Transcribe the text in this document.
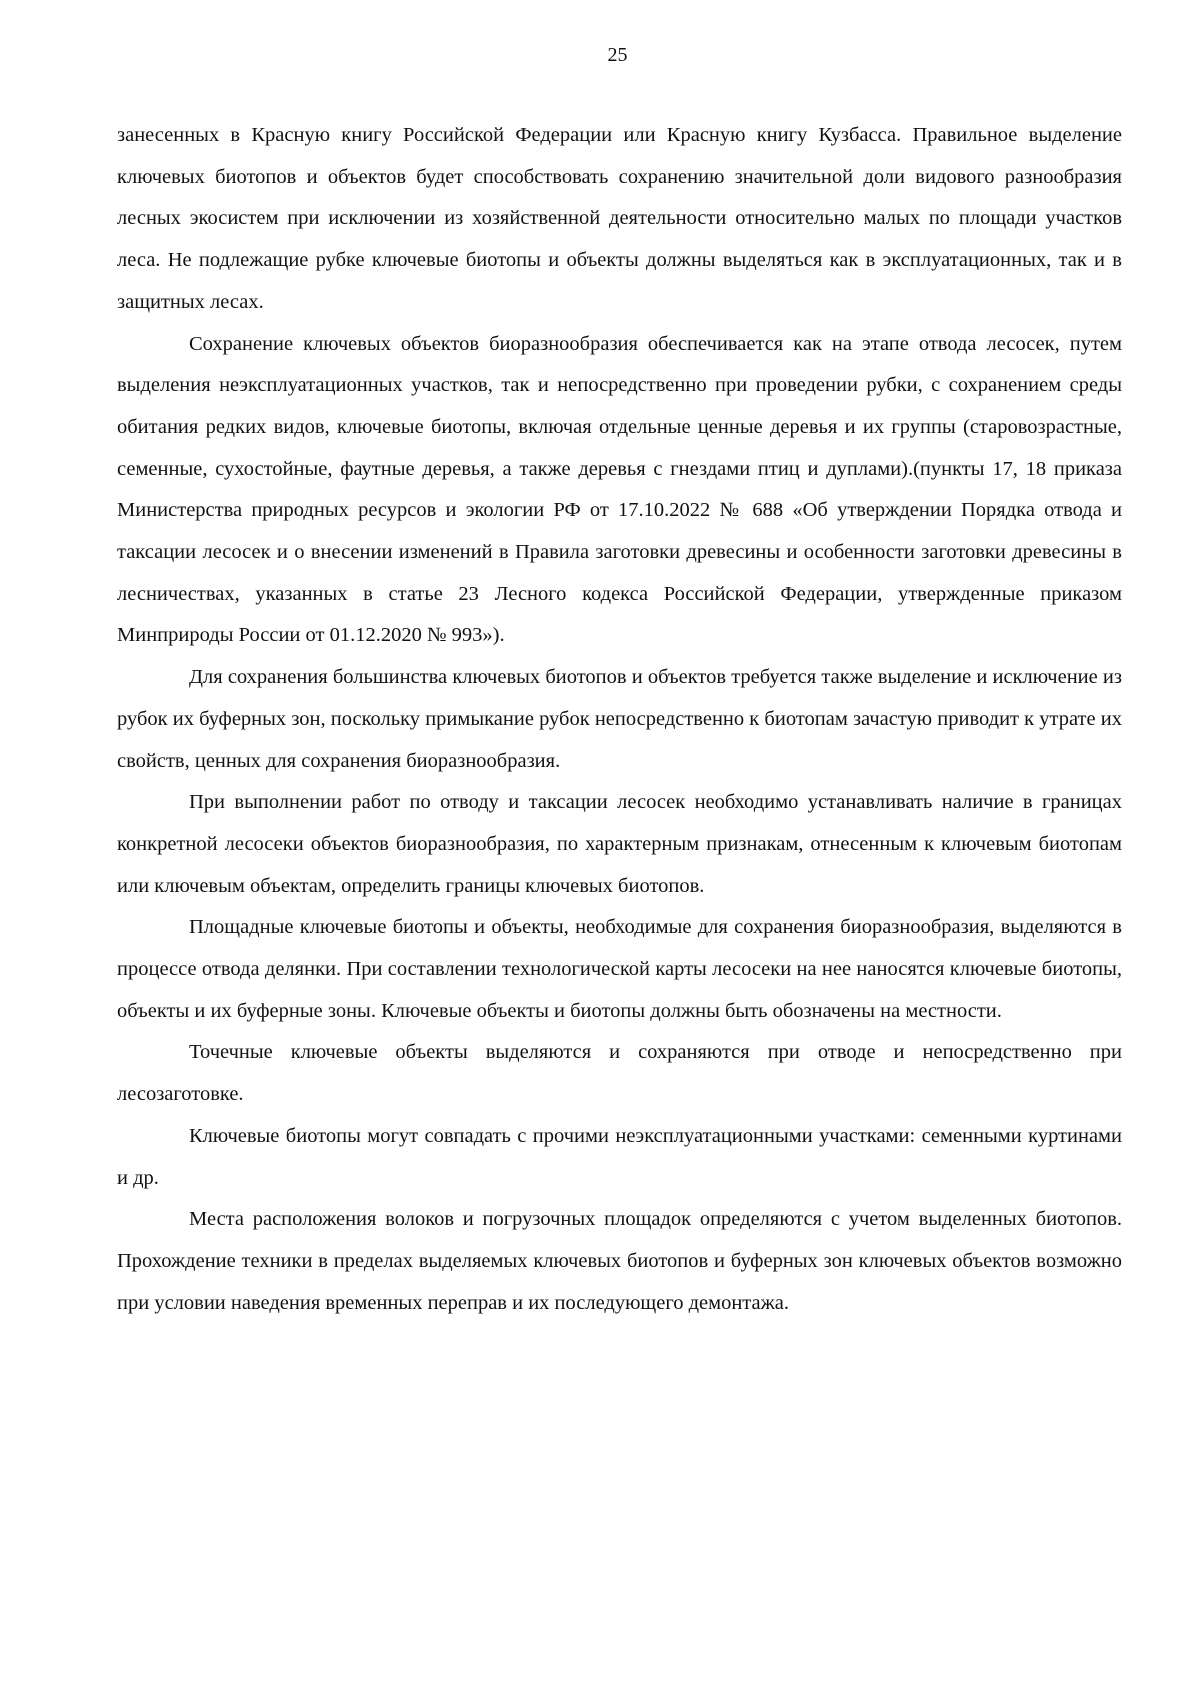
25

занесенных в Красную книгу Российской Федерации или Красную книгу Кузбасса. Правильное выделение ключевых биотопов и объектов будет способствовать сохранению значительной доли видового разнообразия лесных экосистем при исключении из хозяйственной деятельности относительно малых по площади участков леса. Не подлежащие рубке ключевые биотопы и объекты должны выделяться как в эксплуатационных, так и в защитных лесах.

Сохранение ключевых объектов биоразнообразия обеспечивается как на этапе отвода лесосек, путем выделения неэксплуатационных участков, так и непосредственно при проведении рубки, с сохранением среды обитания редких видов, ключевые биотопы, включая отдельные ценные деревья и их группы (старовозрастные, семенные, сухостойные, фаутные деревья, а также деревья с гнездами птиц и дуплами).(пункты 17, 18 приказа Министерства природных ресурсов и экологии РФ от 17.10.2022 № 688 «Об утверждении Порядка отвода и таксации лесосек и о внесении изменений в Правила заготовки древесины и особенности заготовки древесины в лесничествах, указанных в статье 23 Лесного кодекса Российской Федерации, утвержденные приказом Минприроды России от 01.12.2020 № 993»).

Для сохранения большинства ключевых биотопов и объектов требуется также выделение и исключение из рубок их буферных зон, поскольку примыкание рубок непосредственно к биотопам зачастую приводит к утрате их свойств, ценных для сохранения биоразнообразия.

При выполнении работ по отводу и таксации лесосек необходимо устанавливать наличие в границах конкретной лесосеки объектов биоразнообразия, по характерным признакам, отнесенным к ключевым биотопам или ключевым объектам, определить границы ключевых биотопов.

Площадные ключевые биотопы и объекты, необходимые для сохранения биоразнообразия, выделяются в процессе отвода делянки. При составлении технологической карты лесосеки на нее наносятся ключевые биотопы, объекты и их буферные зоны. Ключевые объекты и биотопы должны быть обозначены на местности.

Точечные ключевые объекты выделяются и сохраняются при отводе и непосредственно при лесозаготовке.

Ключевые биотопы могут совпадать с прочими неэксплуатационными участками: семенными куртинами и др.

Места расположения волоков и погрузочных площадок определяются с учетом выделенных биотопов. Прохождение техники в пределах выделяемых ключевых биотопов и буферных зон ключевых объектов возможно при условии наведения временных переправ и их последующего демонтажа.
